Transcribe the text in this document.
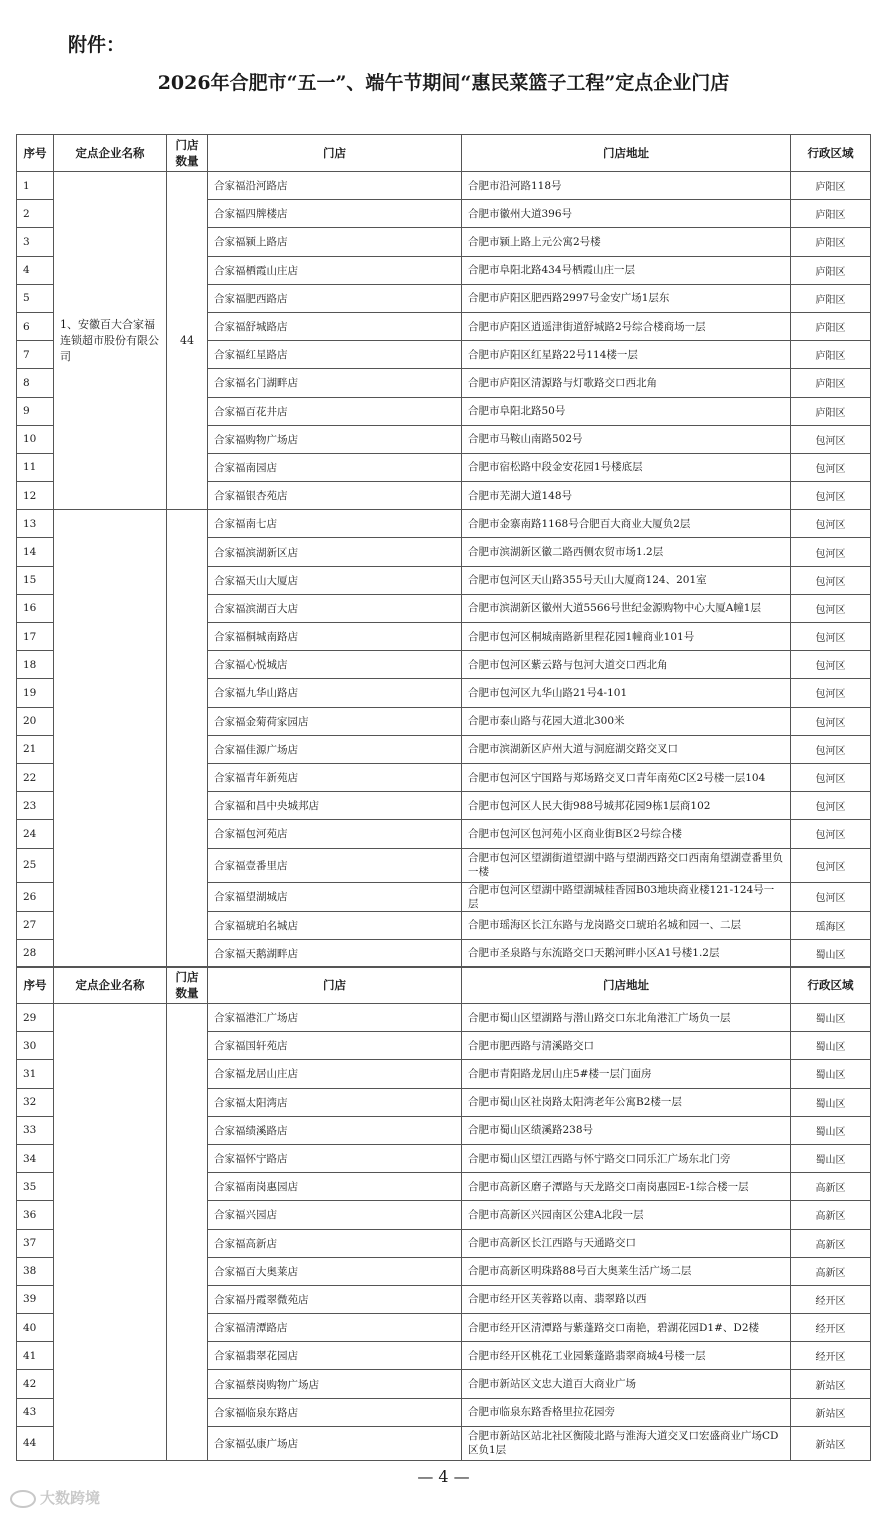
附件：
2026年合肥市“五一”、端午节期间“惠民菜篮子工程”定点企业门店
序号	定点企业名称	门店数量	门店	门店地址	行政区域
1	1、安徽百大合家福连锁超市股份有限公司	44	合家福沿河路店	合肥市沿河路118号	庐阳区
2			合家福四牌楼店	合肥市徽州大道396号	庐阳区
3			合家福颍上路店	合肥市颍上路上元公寓2号楼	庐阳区
4			合家福栖霞山庄店	合肥市阜阳北路434号栖霞山庄一层	庐阳区
5			合家福肥西路店	合肥市庐阳区肥西路2997号金安广场1层东	庐阳区
6			合家福舒城路店	合肥市庐阳区逍遥津街道舒城路2号综合楼商场一层	庐阳区
7			合家福红星路店	合肥市庐阳区红星路22号114楼一层	庐阳区
8			合家福名门湖畔店	合肥市庐阳区清源路与灯歌路交口西北角	庐阳区
9			合家福百花井店	合肥市阜阳北路50号	庐阳区
10			合家福购物广场店	合肥市马鞍山南路502号	包河区
11			合家福南园店	合肥市宿松路中段金安花园1号楼底层	包河区
12			合家福银杏苑店	合肥市芜湖大道148号	包河区
13			合家福南七店	合肥市金寨南路1168号合肥百大商业大厦负2层	包河区
14			合家福滨湖新区店	合肥市滨湖新区徽二路西侧农贸市场1.2层	包河区
15			合家福天山大厦店	合肥市包河区天山路355号天山大厦商124、201室	包河区
16			合家福滨湖百大店	合肥市滨湖新区徽州大道5566号世纪金源购物中心大厦A幢1层	包河区
17			合家福桐城南路店	合肥市包河区桐城南路新里程花园1幢商业101号	包河区
18			合家福心悦城店	合肥市包河区紫云路与包河大道交口西北角	包河区
19			合家福九华山路店	合肥市包河区九华山路21号4-101	包河区
20			合家福金菊荷家园店	合肥市泰山路与花园大道北300米	包河区
21			合家福佳源广场店	合肥市滨湖新区庐州大道与洞庭湖交路交叉口	包河区
22			合家福青年新苑店	合肥市包河区宁国路与郑场路交叉口青年南苑C区2号楼一层104	包河区
23			合家福和昌中央城邦店	合肥市包河区人民大街988号城邦花园9栋1层商102	包河区
24			合家福包河苑店	合肥市包河区包河苑小区商业街B区2号综合楼	包河区
25			合家福壹番里店	合肥市包河区望湖街道望湖中路与望湖西路交口西南角望湖壹番里负一楼	包河区
26			合家福望湖城店	合肥市包河区望湖中路望湖城桂香园B03地块商业楼121-124号一层	包河区
27			合家福琥珀名城店	合肥市瑶海区长江东路与龙岗路交口琥珀名城和园一、二层	瑶海区
28			合家福天鹅湖畔店	合肥市圣泉路与东流路交口天鹅河畔小区A1号楼1.2层	蜀山区
序号	定点企业名称	门店数量	门店	门店地址	行政区域
29			合家福港汇广场店	合肥市蜀山区望湖路与潜山路交口东北角港汇广场负一层	蜀山区
30			合家福国轩苑店	合肥市肥西路与清溪路交口	蜀山区
31			合家福龙居山庄店	合肥市青阳路龙居山庄5#楼一层门面房	蜀山区
32			合家福太阳湾店	合肥市蜀山区社岗路太阳湾老年公寓B2楼一层	蜀山区
33			合家福绩溪路店	合肥市蜀山区绩溪路238号	蜀山区
34			合家福怀宁路店	合肥市蜀山区望江西路与怀宁路交口同乐汇广场东北门旁	蜀山区
35			合家福南岗惠园店	合肥市高新区磨子潭路与天龙路交口南岗惠园E-1综合楼一层	高新区
36			合家福兴园店	合肥市高新区兴园南区公建A北段一层	高新区
37			合家福高新店	合肥市高新区长江西路与天通路交口	高新区
38			合家福百大奥莱店	合肥市高新区明珠路88号百大奥莱生活广场二层	高新区
39			合家福丹霞翠微苑店	合肥市经开区芙蓉路以南、翡翠路以西	经开区
40			合家福清潭路店	合肥市经开区清潭路与紫蓬路交口南艳，碧湖花园D1#、D2楼	经开区
41			合家福翡翠花园店	合肥市经开区桃花工业园紫蓬路翡翠商城4号楼一层	经开区
42			合家福蔡岗购物广场店	合肥市新站区文忠大道百大商业广场	新站区
43			合家福临泉东路店	合肥市临泉东路香格里拉花园旁	新站区
44			合家福弘康广场店	合肥市新站区站北社区衡陵北路与淮海大道交叉口宏盛商业广场CD区负1层	新站区
— 4 —
大数跨境
